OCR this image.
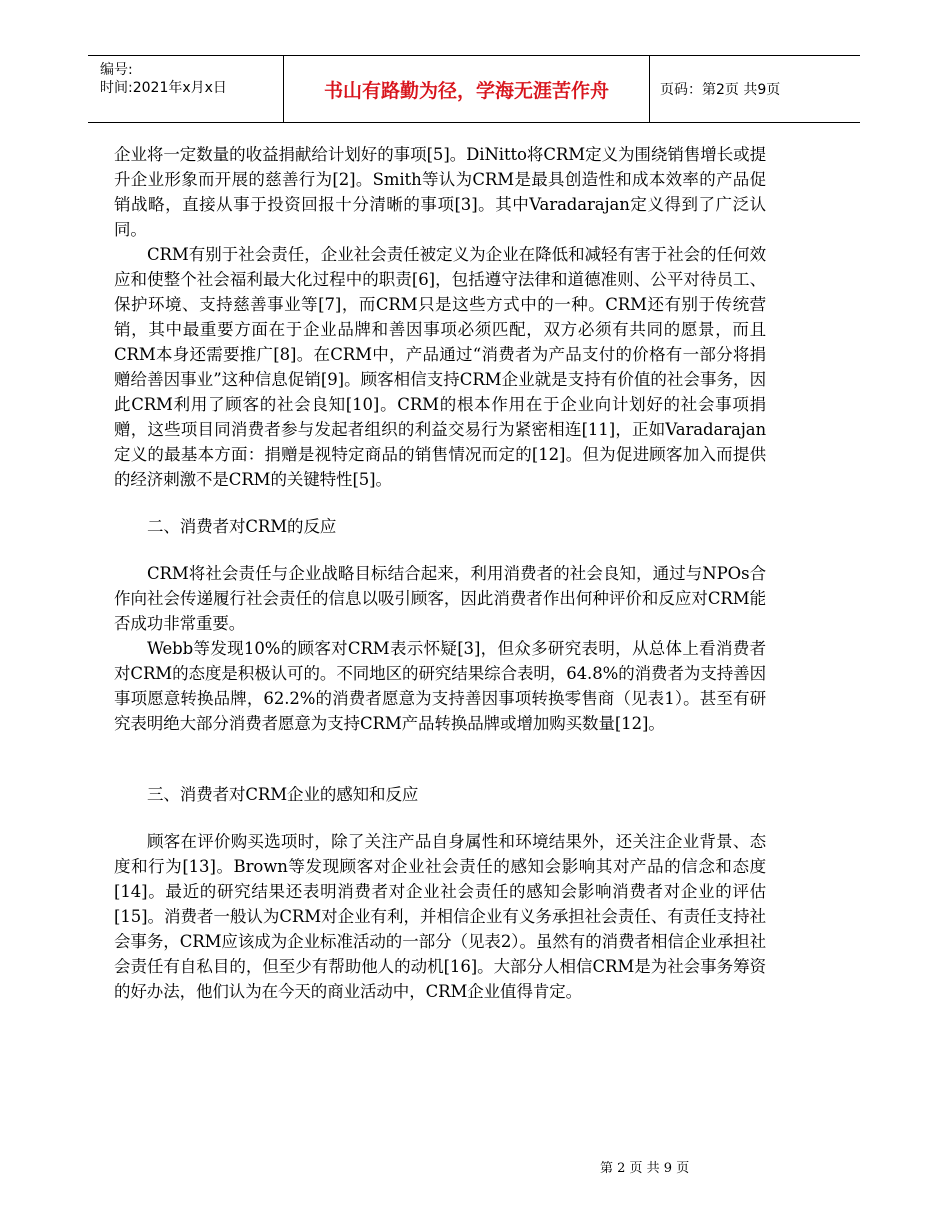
编号:
时间:2021年x月x日	书山有路勤为径，学海无涯苦作舟	页码：第2页 共9页

企业将一定数量的收益捐献给计划好的事项[5]。DiNitto将CRM定义为围绕销售增长或提升企业形象而开展的慈善行为[2]。Smith等认为CRM是最具创造性和成本效率的产品促销战略，直接从事于投资回报十分清晰的事项[3]。其中Varadarajan定义得到了广泛认同。

CRM有别于社会责任，企业社会责任被定义为企业在降低和减轻有害于社会的任何效应和使整个社会福利最大化过程中的职责[6]，包括遵守法律和道德准则、公平对待员工、保护环境、支持慈善事业等[7]，而CRM只是这些方式中的一种。CRM还有别于传统营销，其中最重要方面在于企业品牌和善因事项必须匹配，双方必须有共同的愿景，而且CRM本身还需要推广[8]。在CRM中，产品通过“消费者为产品支付的价格有一部分将捐赠给善因事业”这种信息促销[9]。顾客相信支持CRM企业就是支持有价值的社会事务，因此CRM利用了顾客的社会良知[10]。CRM的根本作用在于企业向计划好的社会事项捐赠，这些项目同消费者参与发起者组织的利益交易行为紧密相连[11]，正如Varadarajan定义的最基本方面：捐赠是视特定商品的销售情况而定的[12]。但为促进顾客加入而提供的经济刺激不是CRM的关键特性[5]。

二、消费者对CRM的反应

CRM将社会责任与企业战略目标结合起来，利用消费者的社会良知，通过与NPOs合作向社会传递履行社会责任的信息以吸引顾客，因此消费者作出何种评价和反应对CRM能否成功非常重要。

Webb等发现10%的顾客对CRM表示怀疑[3]，但众多研究表明，从总体上看消费者对CRM的态度是积极认可的。不同地区的研究结果综合表明，64.8%的消费者为支持善因事项愿意转换品牌，62.2%的消费者愿意为支持善因事项转换零售商（见表1）。甚至有研究表明绝大部分消费者愿意为支持CRM产品转换品牌或增加购买数量[12]。

三、消费者对CRM企业的感知和反应

顾客在评价购买选项时，除了关注产品自身属性和环境结果外，还关注企业背景、态度和行为[13]。Brown等发现顾客对企业社会责任的感知会影响其对产品的信念和态度[14]。最近的研究结果还表明消费者对企业社会责任的感知会影响消费者对企业的评估[15]。消费者一般认为CRM对企业有利，并相信企业有义务承担社会责任、有责任支持社会事务，CRM应该成为企业标准活动的一部分（见表2）。虽然有的消费者相信企业承担社会责任有自私目的，但至少有帮助他人的动机[16]。大部分人相信CRM是为社会事务筹资的好办法，他们认为在今天的商业活动中，CRM企业值得肯定。

第 2 页 共 9 页
